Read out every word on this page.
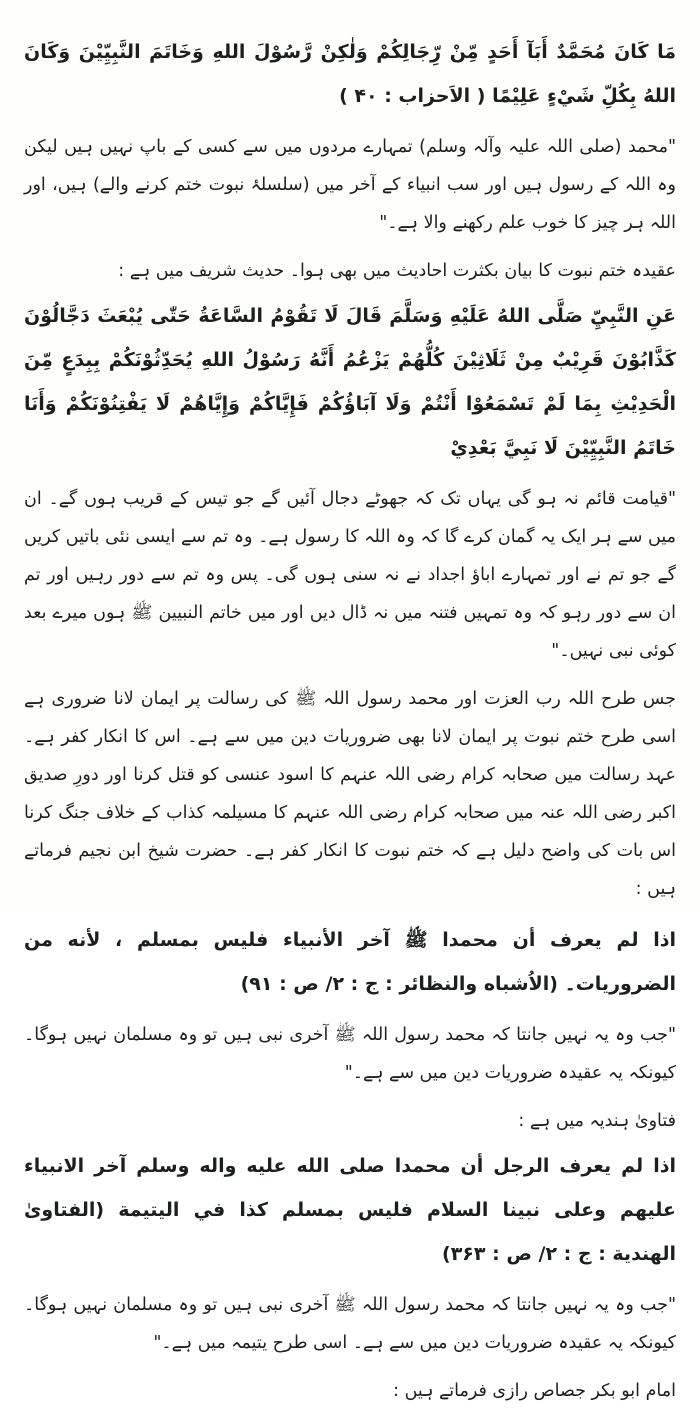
مَا كَانَ مُحَمَّدٌ أَبَآ أَحَدٍ مِّنْ رِّجَالِكُمْ وَلٰكِنْ رَّسُوْلَ اللهِ وَخَاتَمَ النَّبِيِّيْنَ وَكَانَ اللهُ بِكُلِّ شَيْءٍ عَلِيْمًا ( الاَحزاب : ۴۰ )

"محمد (صلی اللہ علیہ وآلہ وسلم) تمہارے مردوں میں سے کسی کے باپ نہیں ہیں لیکن وہ اللہ کے رسول ہیں اور سب انبیاء کے آخر میں (سلسلۂ نبوت ختم کرنے والے) ہیں، اور اللہ ہر چیز کا خوب علم رکھنے والا ہے۔"

عقیدہ ختم نبوت کا بیان بکثرت احادیث میں بھی ہوا۔ حدیث شریف میں ہے :

عَنِ النَّبِيِّ صَلَّى اللهُ عَلَيْهِ وَسَلَّمَ قَالَ لَا تَقُوْمُ السَّاعَةُ حَتّٰى يُبْعَثَ دَجَّالُوْنَ كَذَّابُوْنَ قَرِيْبٌ مِنْ ثَلَاثِيْنَ كُلُّهُمْ يَزْعُمُ أَنَّهُ رَسُوْلُ اللهِ يُحَدِّثُوْنَكُمْ بِبِدَعٍ مِّنَ الْحَدِيْثِ بِمَا لَمْ تَسْمَعُوْا أَنْتُمْ وَلَا آبَاؤُكُمْ فَإِيَّاكُمْ وَإِيَّاهُمْ لَا يَفْتِنُوْنَكُمْ وَأَنَا خَاتَمُ النَّبِيِّيْنَ لَا نَبِيَّ بَعْدِيْ

"قیامت قائم نہ ہو گی یہاں تک کہ جھوٹے دجال آئیں گے جو تیس کے قریب ہوں گے۔ ان میں سے ہر ایک یہ گمان کرے گا کہ وہ اللہ کا رسول ہے۔ وہ تم سے ایسی نئی باتیں کریں گے جو تم نے اور تمہارے اباؤ اجداد نے نہ سنی ہوں گی۔ پس وہ تم سے دور رہیں اور تم ان سے دور رہو کہ وہ تمہیں فتنہ میں نہ ڈال دیں اور میں خاتم النبیین ﷺ ہوں میرے بعد کوئی نبی نہیں۔"

جس طرح اللہ رب العزت اور محمد رسول اللہ ﷺ کی رسالت پر ایمان لانا ضروری ہے اسی طرح ختم نبوت پر ایمان لانا بھی ضروریات دین میں سے ہے۔ اس کا انکار کفر ہے۔ عہد رسالت میں صحابہ کرام رضی اللہ عنہم کا اسود عنسی کو قتل کرنا اور دورِ صدیق اکبر رضی اللہ عنہ میں صحابہ کرام رضی اللہ عنہم کا مسیلمہ کذاب کے خلاف جنگ کرنا اس بات کی واضح دلیل ہے کہ ختم نبوت کا انکار کفر ہے۔ حضرت شیخ ابن نجیم فرماتے ہیں :

اذا لم يعرف أن محمدا ﷺ آخر الأنبياء فليس بمسلم ، لأنه من الضروريات۔ (الاُشباه والنظائر : ج : ۲/ ص : ۹۱)

"جب وہ یہ نہیں جانتا کہ محمد رسول اللہ ﷺ آخری نبی ہیں تو وہ مسلمان نہیں ہوگا۔ کیونکہ یہ عقیدہ ضروریات دین میں سے ہے۔"

فتاویٰ ہندیہ میں ہے :

اذا لم يعرف الرجل أن محمدا صلى الله عليه واله وسلم آخر الانبياء عليهم وعلى نبينا السلام فليس بمسلم كذا في اليتيمة (الفتاویٰ الهندية : ج : ۲/ ص : ۳۶۳)

"جب وہ یہ نہیں جانتا کہ محمد رسول اللہ ﷺ آخری نبی ہیں تو وہ مسلمان نہیں ہوگا۔ کیونکہ یہ عقیدہ ضروریات دین میں سے ہے۔ اسی طرح یتیمہ میں ہے۔"

امام ابو بکر جصاص رازی فرماتے ہیں :
